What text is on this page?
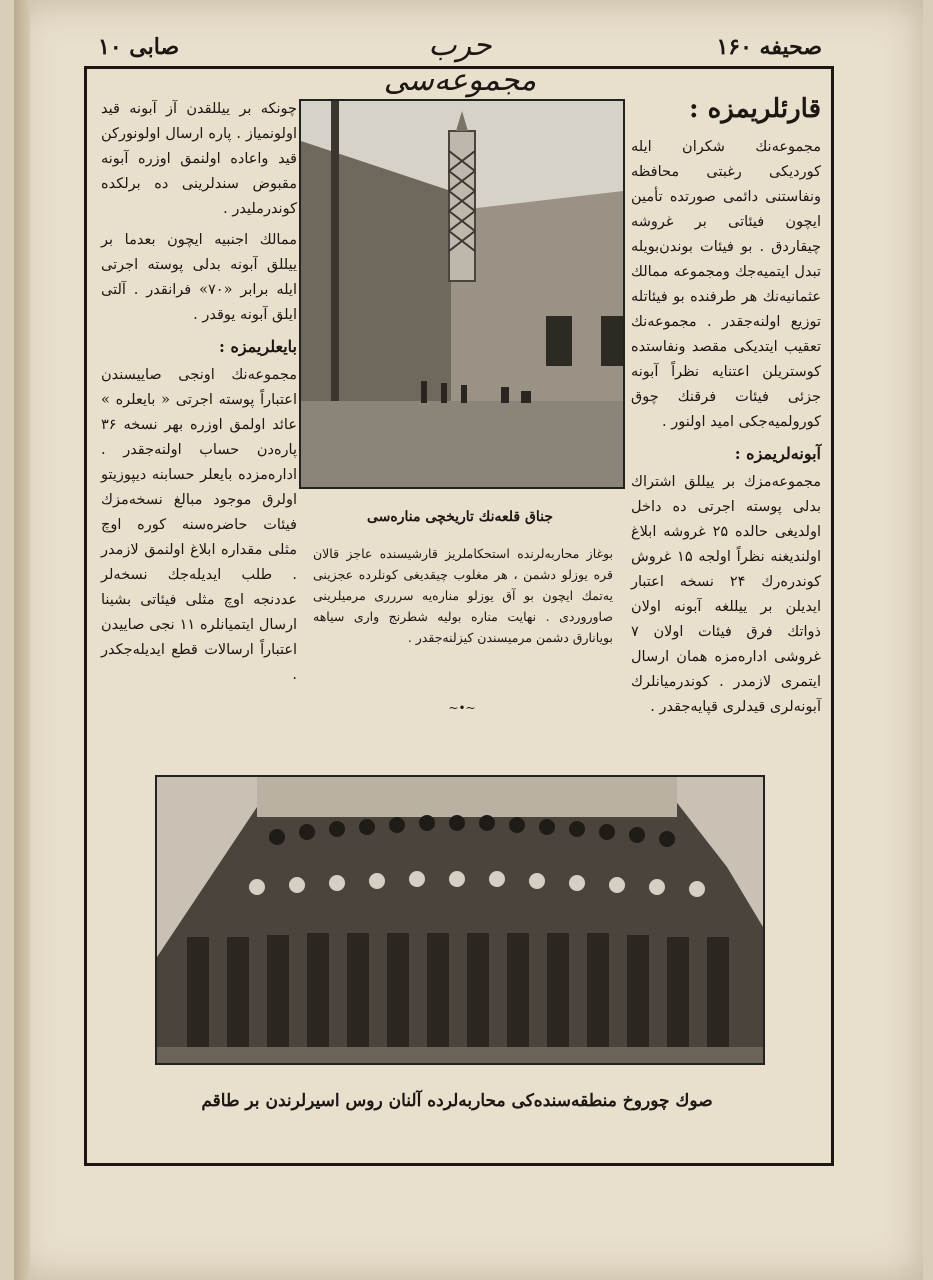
صابی ۱۰	حرب مجموعه‌سی
صحیفه ۱۶۰

چونكه بر ییللقدن آز آبونه قید اولونمیاز . پاره ارسال اولونوركن قید واعاده اولنمق اوزره آبونه مقبوض سندلرینی ده برلكده كوندرملیدر .

ممالك اجنبیه ایچون بعدما بر ییللق آبونه بدلی پوسته اجرتی ایله برابر «۷۰» فرانقدر . آلتی ایلق آبونه یوقدر .

بایعلریمزه :

مجموعه‌نك اونجی صاییسندن اعتباراً پوسته اجرتی « بایعلره » عائد اولمق اوزره بهر نسخه ۳۶ پاره‌دن حساب اولنه‌جقدر . اداره‌مزده بایعلر حسابنه دیپوزیتو اولرق موجود مبالغ نسخه‌مزك فیئات حاضره‌سنه كوره اوچ مثلی مقداره ابلاغ اولنمق لازمدر . طلب ایدیله‌جك نسخه‌لر عددنجه اوچ مثلی فیئاتی بشینا ارسال ایتمیانلره ۱۱ نجی صاییدن اعتباراً ارسالات قطع ایدیله‌جكدر .

جناق قلعه‌نك تاریخچی مناره‌سی
بوغاز محاربه‌لرنده استحكاملریز قارشیسنده عاجز قالان قره یوزلو دشمن ، هر مغلوب چیقدیغی كونلرده عجزینی یه‌تمك ایچون بو آق یوزلو مناره‌یه سررری مرمیلرینی صاوروردی . نهایت مناره بولیه شطرنج واری سیاهه بویانارق دشمن مرمیسندن كیزلنه‌جقدر .
~•~

قارئلریمزه :

مجموعه‌نك شكران ایله كوردیكی رغبتی محافظه ونفاستنی دائمی صورتده تأمین ایچون فیئاتی بر غروشه چیقاردق . بو فیئات بوندن‌بویله تبدل ایتمیه‌جك ومجموعه ممالك عثمانیه‌نك هر طرفنده بو فیئاتله توزیع اولنه‌جقدر . مجموعه‌نك تعقیب ایتدیكی مقصد ونفاستده كوستریلن اعتنایه نظراً آبونه جزئی فیئات فرقنك چوق كورولمیه‌جكی امید اولنور .

آبونه‌لریمزه :

مجموعه‌مزك بر ییللق اشتراك بدلی پوسته اجرتی ده داخل اولدیغی حالده ۲۵ غروشه ابلاغ اولندیغنه نظراً اولجه ۱۵ غروش كوندره‌رك ۲۴ نسخه اعتبار ایدیلن بر ییللغه آبونه اولان ذواتك فرق فیئات اولان ۷ غروشی اداره‌مزه همان ارسال ایتمری لازمدر . كوندرمیانلرك آبونه‌لری قیدلری قپایه‌جقدر .

صوك چوروخ منطقه‌سنده‌كی محاربه‌لرده آلنان روس اسیرلرندن بر طاقم
